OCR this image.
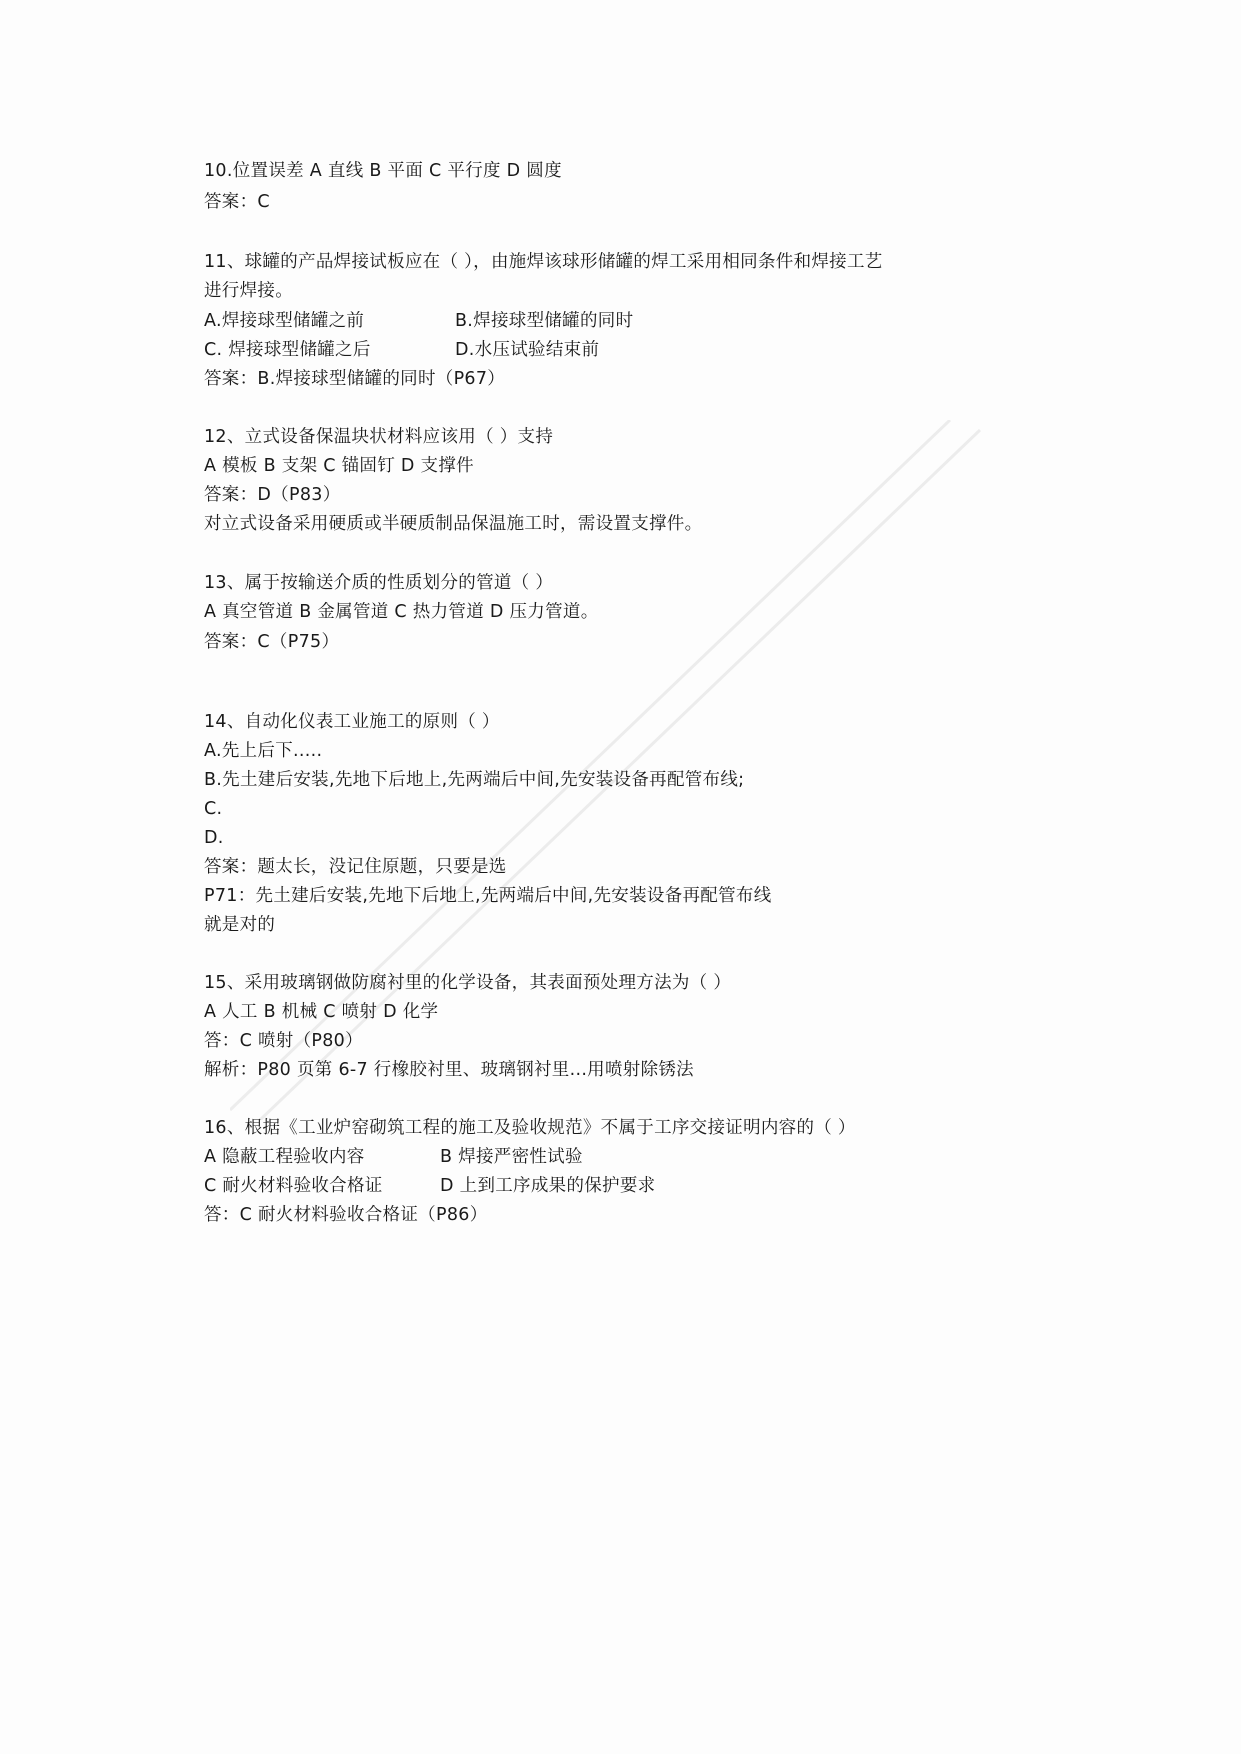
10.位置误差 A 直线 B 平面 C 平行度 D 圆度
答案：C
11、球罐的产品焊接试板应在（ ），由施焊该球形储罐的焊工采用相同条件和焊接工艺
进行焊接。
A.焊接球型储罐之前	B.焊接球型储罐的同时
C. 焊接球型储罐之后	D.水压试验结束前
答案：B.焊接球型储罐的同时（P67）
12、立式设备保温块状材料应该用（ ）支持
A 模板 B 支架 C 锚固钉 D 支撑件
答案：D（P83）
对立式设备采用硬质或半硬质制品保温施工时，需设置支撑件。
13、属于按输送介质的性质划分的管道（ ）
A 真空管道 B 金属管道 C 热力管道 D 压力管道。
答案：C（P75）
14、自动化仪表工业施工的原则（ ）
A.先上后下.....
B.先土建后安装,先地下后地上,先两端后中间,先安装设备再配管布线;
C.
D.
答案：题太长，没记住原题，只要是选
P71：先土建后安装,先地下后地上,先两端后中间,先安装设备再配管布线
就是对的
15、采用玻璃钢做防腐衬里的化学设备，其表面预处理方法为（ ）
A 人工 B 机械 C 喷射 D 化学
答：C 喷射（P80）
解析：P80 页第 6-7 行橡胶衬里、玻璃钢衬里...用喷射除锈法
16、根据《工业炉窑砌筑工程的施工及验收规范》不属于工序交接证明内容的（ ）
A 隐蔽工程验收内容	B 焊接严密性试验
C 耐火材料验收合格证	D 上到工序成果的保护要求
答：C 耐火材料验收合格证（P86）
